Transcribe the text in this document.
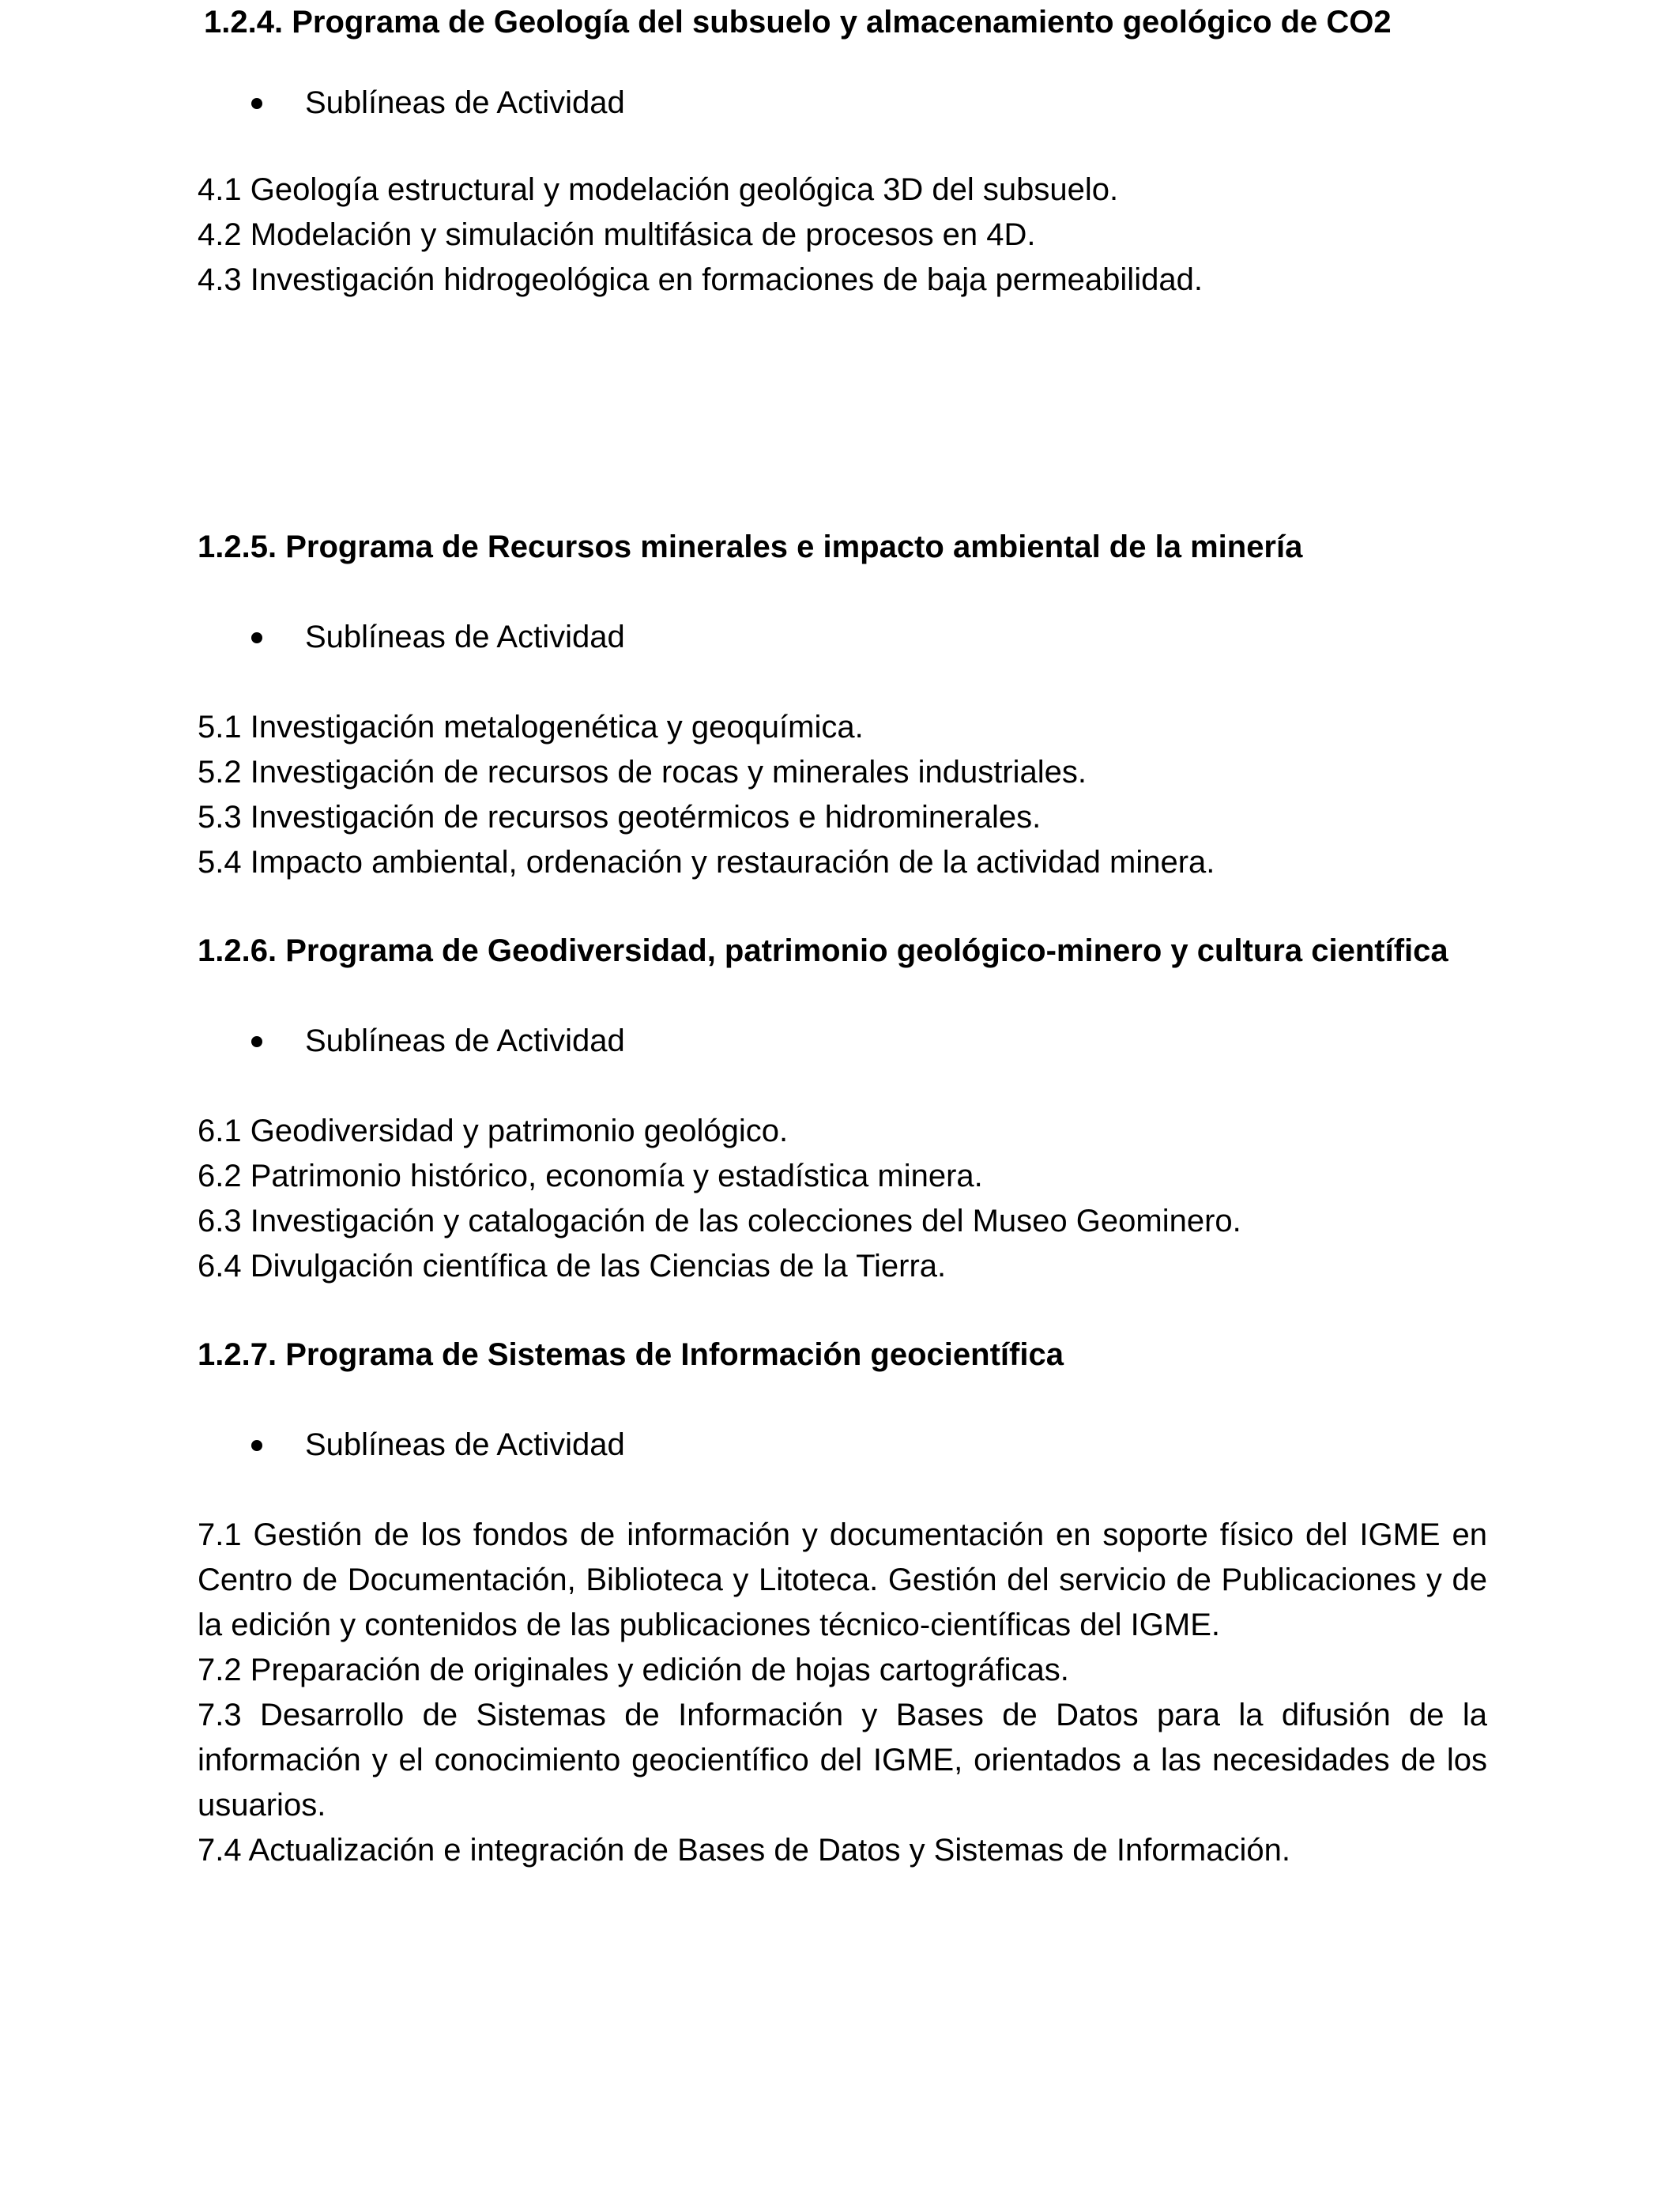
1.2.4. Programa de Geología del subsuelo y almacenamiento geológico de CO2
Sublíneas de Actividad

4.1 Geología estructural y modelación geológica 3D del subsuelo.

4.2 Modelación y simulación multifásica de procesos en 4D.

4.3 Investigación hidrogeológica en formaciones de baja permeabilidad.

1.2.5. Programa de Recursos minerales e impacto ambiental de la minería
Sublíneas de Actividad

5.1 Investigación metalogenética y geoquímica.

5.2 Investigación de recursos de rocas y minerales industriales.

5.3 Investigación de recursos geotérmicos e hidrominerales.

5.4 Impacto ambiental, ordenación y restauración de la actividad minera.

1.2.6. Programa de Geodiversidad, patrimonio geológico-minero y cultura científica
Sublíneas de Actividad

6.1 Geodiversidad y patrimonio geológico.

6.2 Patrimonio histórico, economía y estadística minera.

6.3 Investigación y catalogación de las colecciones del Museo Geominero.

6.4 Divulgación científica de las Ciencias de la Tierra.

1.2.7. Programa de Sistemas de Información geocientífica
Sublíneas de Actividad

7.1 Gestión de los fondos de información y documentación en soporte físico del IGME en Centro de Documentación, Biblioteca y Litoteca. Gestión del servicio de Publicaciones y de la edición y contenidos de las publicaciones técnico-científicas del IGME.

7.2 Preparación de originales y edición de hojas cartográficas.

7.3 Desarrollo de Sistemas de Información y Bases de Datos para la difusión de la información y el conocimiento geocientífico del IGME, orientados a las necesidades de los usuarios.

7.4 Actualización e integración de Bases de Datos y Sistemas de Información.
